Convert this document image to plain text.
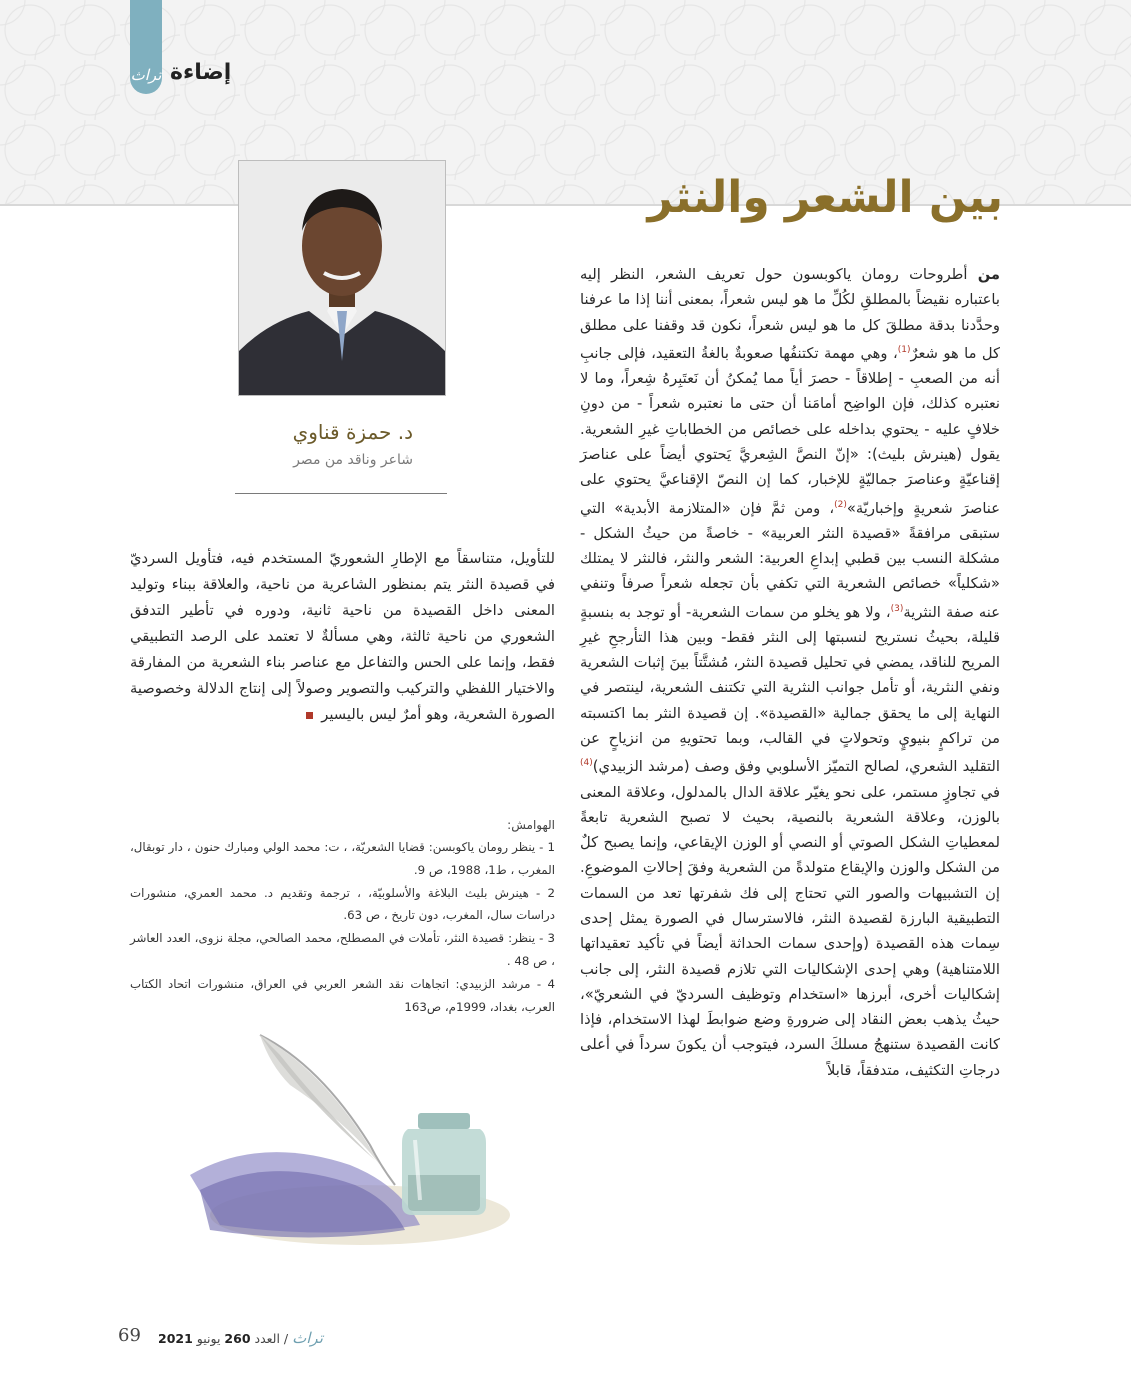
تراث إضاءة
بين الشعر والنثر
د. حمزة قناوي
شاعر وناقد من مصر

من أطروحات رومان ياكوبسون حول تعريف الشعر، النظر إليه باعتباره نقيضاً بالمطلقِ لكُلِّ ما هو ليس شعراً، بمعنى أننا إذا ما عرفنا وحدَّدنا بدقة مطلقَ كل ما هو ليس شعراً، نكون قد وقفنا على مطلق كل ما هو شعرٌ$^{(1)}$، وهي مهمة تكتنفُها صعوبةٌ بالغةُ التعقيد، فإلى جانبِ أنه من الصعبِ - إطلاقاً - حصرَ أياً مما يُمكنُ أن نَعتَبِرهُ شِعراً، وما لا نعتبره كذلك، فإن الواضِح أمامَنا أن حتى ما نعتبره شعراً - من دونِ خلافٍ عليه - يحتوي بداخله على خصائص من الخطاباتِ غيرِ الشعرية. يقول (هينرش بليث): «إنّ النصَّ الشِعريَّ يَحتوي أيضاً على عناصرَ إقناعيّةٍ وعناصرَ جماليّةٍ للإخبار، كما إن النصّ الإقناعيَّ يحتوي على عناصرَ شعريةٍ وإخباريّة»$^{(2)}$، ومن ثمَّ فإن «المتلازمة الأبدية» التي ستبقى مرافقةً «قصيدة النثر العربية» - خاصةً من حيثُ الشكل - مشكلة النسب بين قطبي إبداعِ العربية: الشعر والنثر، فالنثر لا يمتلك «شكلياً» خصائص الشعرية التي تكفي بأن تجعله شعراً صرفاً وتنفي عنه صفة النثرية$^{(3)}$، ولا هو يخلو من سمات الشعرية- أو توجد به بنسبةٍ قليلة، بحيثُ نستريح لنسبتها إلى النثر فقط- وبين هذا التأرجحِ غيرِ المريح للناقد، يمضي في تحليل قصيدة النثر، مُشتَّتاً بينَ إثبات الشعرية ونفي النثرية، أو تأمل جوانب النثرية التي تكتنف الشعرية، لينتصر في النهاية إلى ما يحقق جمالية «القصيدة». إن قصيدة النثر بما اكتسبته من تراكمٍ بنيويٍ وتحولاتٍ في القالب، وبما تحتويهِ من انزياحٍ عن التقليد الشعري، لصالح التميّز الأسلوبي وفق وصف (مرشد الزبيدي)$^{(4)}$ في تجاوزٍ مستمر، على نحو يغيّر علاقة الدال بالمدلول، وعلاقة المعنى بالوزن، وعلاقة الشعرية بالنصية، بحيث لا تصبح الشعرية تابعةً لمعطياتِ الشكل الصوتي أو النصي أو الوزن الإيقاعي، وإنما يصبح كلٌ من الشكل والوزن والإيقاع متولدةً من الشعرية وفقَ إحالاتِ الموضوعِ. إن التشبيهات والصور التي تحتاج إلى فك شفرتها تعد من السمات التطبيقية البارزة لقصيدة النثر، فالاسترسال في الصورة يمثل إحدى سِمات هذه القصيدة (وإحدى سمات الحداثة أيضاً في تأكيد تعقيداتها اللامتناهية) وهي إحدى الإشكاليات التي تلازم قصيدة النثر، إلى جانب إشكاليات أخرى، أبرزها «استخدام وتوظيف السرديّ في الشعريّ»، حيثُ يذهب بعض النقاد إلى ضرورةِ وضع ضوابطَ لهذا الاستخدام، فإذا كانت القصيدة ستنهجُ مسلكَ السرد، فيتوجب أن يكونَ سرداً في أعلى درجاتِ التكثيف، متدفقاً، قابلاً

للتأويل، متناسقاً مع الإطارِ الشعوريّ المستخدم فيه، فتأويل السرديّ في قصيدة النثر يتم بمنظور الشاعرية من ناحية، والعلاقة ببناء وتوليد المعنى داخل القصيدة من ناحية ثانية، ودوره في تأطير التدفق الشعوري من ناحية ثالثة، وهي مسألةٌ لا تعتمد على الرصد التطبيقي فقط، وإنما على الحس والتفاعل مع عناصر بناء الشعرية من المفارقة والاختيار اللفظي والتركيب والتصوير وصولاً إلى إنتاج الدلالة وخصوصية الصورة الشعرية، وهو أمرٌ ليس باليسير

الهوامش:

1 - ينظر رومان ياكوبسن: قضايا الشعريّة، ، ت: محمد الولي ومبارك حنون ، دار توبقال، المغرب ، ط1، 1988، ص 9.

2 - هينرش بليث البلاغة والأسلوبيّة، ، ترجمة وتقديم د. محمد العمري، منشورات دراسات سال، المغرب، دون تاريخ ، ص 63.

3 - ينظر: قصيدة النثر، تأملات في المصطلح، محمد الصالحي، مجلة نزوى، العدد العاشر ، ص 48 .

4 - مرشد الزبيدي: اتجاهات نقد الشعر العربي في العراق، منشورات اتحاد الكتاب العرب، بغداد، 1999م، ص163

69	تراث / العدد 260 يونيو 2021
